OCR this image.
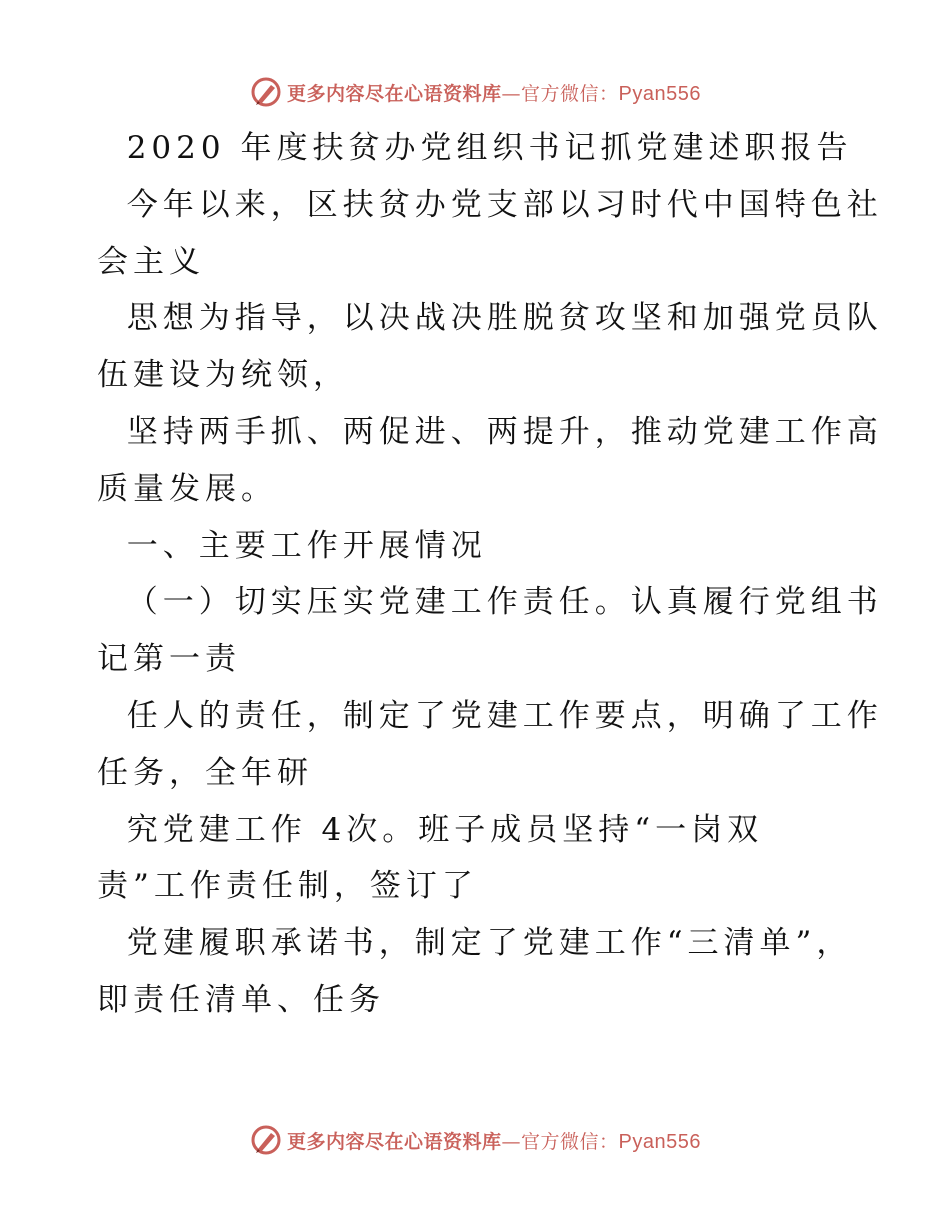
更多内容尽在心语资料库—官方微信：Pyan556

2020 年度扶贫办党组织书记抓党建述职报告

今年以来，区扶贫办党支部以习时代中国特色社

会主义

思想为指导，以决战决胜脱贫攻坚和加强党员队

伍建设为统领，

坚持两手抓、两促进、两提升，推动党建工作高

质量发展。

一、主要工作开展情况

（一）切实压实党建工作责任。认真履行党组书

记第一责

任人的责任，制定了党建工作要点，明确了工作

任务，全年研

究党建工作 4次。班子成员坚持“一岗双

责”工作责任制，签订了

党建履职承诺书，制定了党建工作“三清单”，

即责任清单、任务

更多内容尽在心语资料库—官方微信：Pyan556
